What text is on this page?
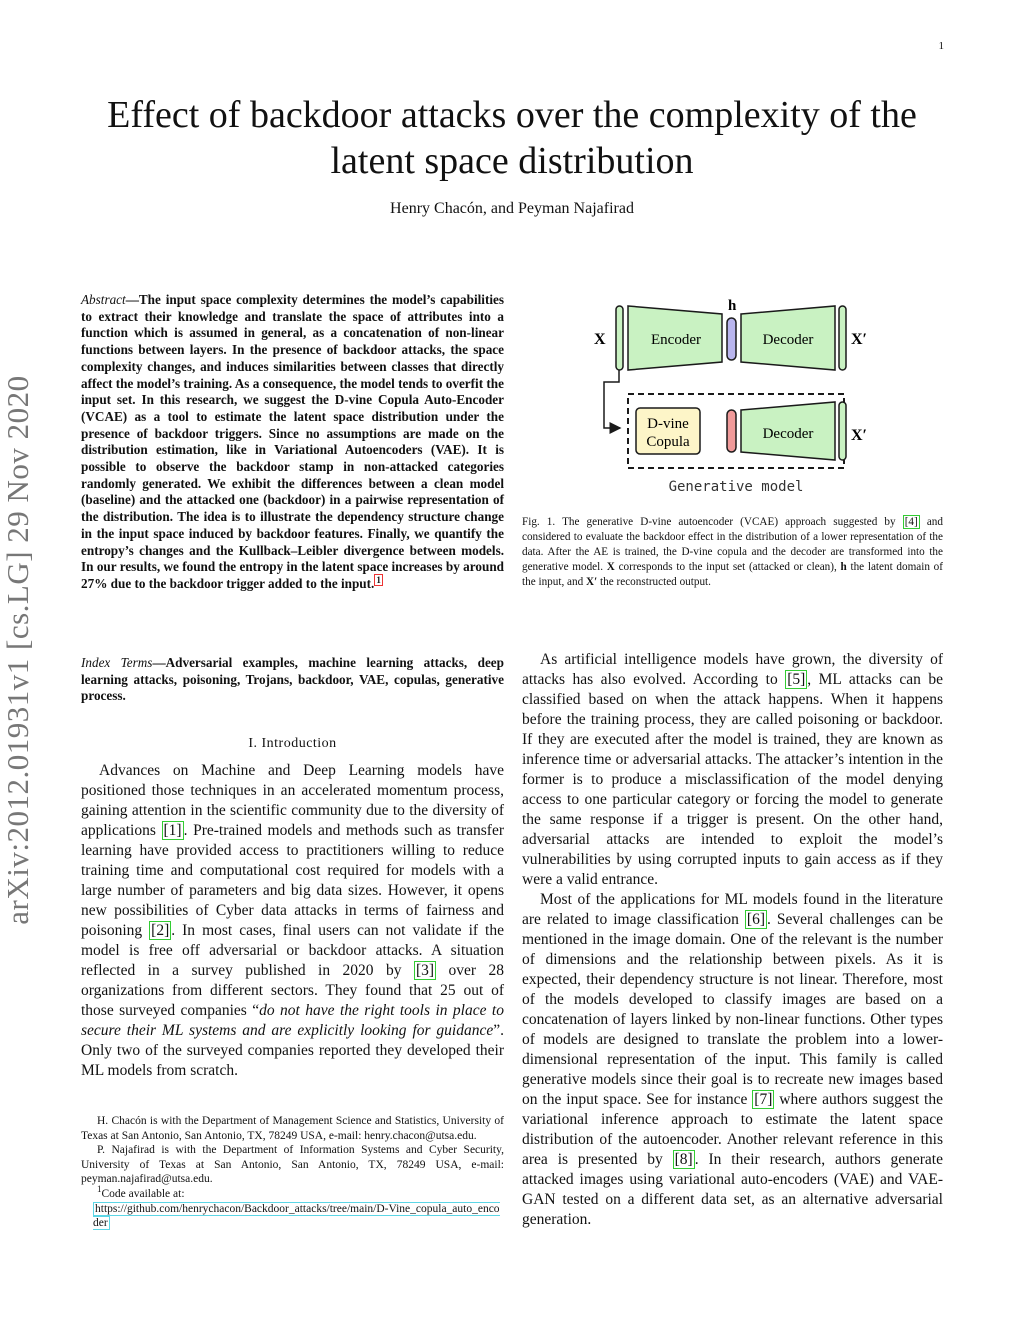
1
Effect of backdoor attacks over the complexity of the latent space distribution
Henry Chacón, and Peyman Najafirad
arXiv:2012.01931v1 [cs.LG] 29 Nov 2020
Abstract—The input space complexity determines the model’s capabilities to extract their knowledge and translate the space of attributes into a function which is assumed in general, as a concatenation of non-linear functions between layers. In the presence of backdoor attacks, the space complexity changes, and induces similarities between classes that directly affect the model’s training. As a consequence, the model tends to overfit the input set. In this research, we suggest the D-vine Copula Auto-Encoder (VCAE) as a tool to estimate the latent space distribution under the presence of backdoor triggers. Since no assumptions are made on the distribution estimation, like in Variational Autoencoders (VAE). It is possible to observe the backdoor stamp in non-attacked categories randomly generated. We exhibit the differences between a clean model (baseline) and the attacked one (backdoor) in a pairwise representation of the distribution. The idea is to illustrate the dependency structure change in the input space induced by backdoor features. Finally, we quantify the entropy’s changes and the Kullback–Leibler divergence between models. In our results, we found the entropy in the latent space increases by around 27% due to the backdoor trigger added to the input. $^1$
Index Terms—Adversarial examples, machine learning attacks, deep learning attacks, poisoning, Trojans, backdoor, VAE, copulas, generative process.
I. Introduction

Advances on Machine and Deep Learning models have positioned those techniques in an accelerated momentum process, gaining attention in the scientific community due to the diversity of applications [1] . Pre-trained models and methods such as transfer learning have provided access to practitioners willing to reduce training time and computational cost required for models with a large number of parameters and big data sizes. However, it opens new possibilities of Cyber data attacks in terms of fairness and poisoning [2] . In most cases, final users can not validate if the model is free off adversarial or backdoor attacks. A situation reflected in a survey published in 2020 by [3] over 28 organizations from different sectors. They found that 25 out of those surveyed companies “do not have the right tools in place to secure their ML systems and are explicitly looking for guidance”. Only two of the surveyed companies reported they developed their ML models from scratch.

H. Chacón is with the Department of Management Science and Statistics, University of Texas at San Antonio, San Antonio, TX, 78249 USA, e-mail: henry.chacon@utsa.edu.

P. Najafirad is with the Department of Information Systems and Cyber Security, University of Texas at San Antonio, San Antonio, TX, 78249 USA, e-mail: peyman.najafirad@utsa.edu.

$^1$Code available at:

https://github.com/henrychacon/Backdoor_attacks/tree/main/D-Vine_copula_auto_encoder
X	Encoder
h
Decoder X′
D-vine
Copula	Decoder X′
Generative model
Fig. 1. The generative D-vine autoencoder (VCAE) approach suggested by [4] and considered to evaluate the backdoor effect in the distribution of a lower representation of the data. After the AE is trained, the D-vine copula and the decoder are transformed into the generative model. X corresponds to the input set (attacked or clean), h the latent domain of the input, and X′ the reconstructed output.

As artificial intelligence models have grown, the diversity of attacks has also evolved. According to [5] , ML attacks can be classified based on when the attack happens. When it happens before the training process, they are called poisoning or backdoor. If they are executed after the model is trained, they are known as inference time or adversarial attacks. The attacker’s intention in the former is to produce a misclassification of the model denying access to one particular category or forcing the model to generate the same response if a trigger is present. On the other hand, adversarial attacks are intended to exploit the model’s vulnerabilities by using corrupted inputs to gain access as if they were a valid entrance.

Most of the applications for ML models found in the literature are related to image classification [6] . Several challenges can be mentioned in the image domain. One of the relevant is the number of dimensions and the relationship between pixels. As it is expected, their dependency structure is not linear. Therefore, most of the models developed to classify images are based on a concatenation of layers linked by non-linear functions. Other types of models are designed to translate the problem into a lower-dimensional representation of the input. This family is called generative models since their goal is to recreate new images based on the input space. See for instance [7] where authors suggest the variational inference approach to estimate the latent space distribution of the autoencoder. Another relevant reference in this area is presented by [8] . In their research, authors generate attacked images using variational auto-encoders (VAE) and VAE-GAN tested on a different data set, as an alternative adversarial generation.
